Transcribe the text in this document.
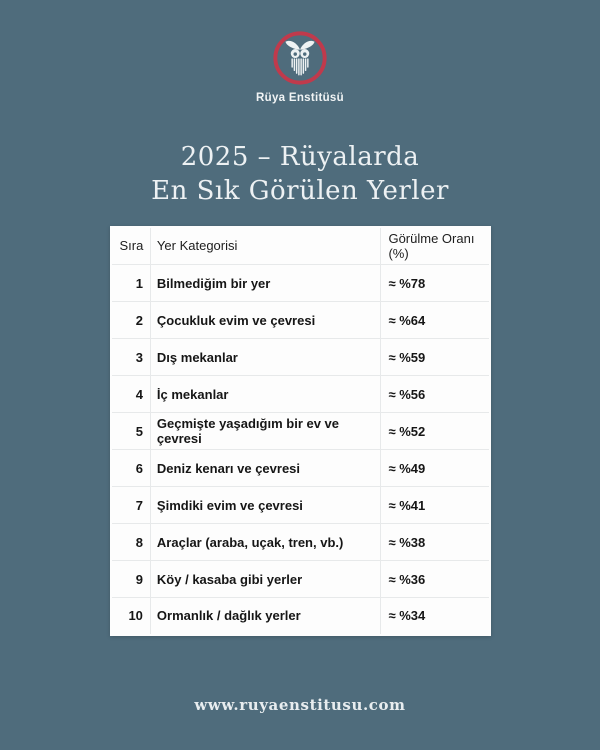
Rüya Enstitüsü
2025 – Rüyalarda
En Sık Görülen Yerler
Sıra	Yer Kategorisi	Görülme Oranı (%)
1	Bilmediğim bir yer	≈ %78
2	Çocukluk evim ve çevresi	≈ %64
3	Dış mekanlar	≈ %59
4	İç mekanlar	≈ %56
5	Geçmişte yaşadığım bir ev ve çevresi	≈ %52
6	Deniz kenarı ve çevresi	≈ %49
7	Şimdiki evim ve çevresi	≈ %41
8	Araçlar (araba, uçak, tren, vb.)	≈ %38
9	Köy / kasaba gibi yerler	≈ %36
10	Ormanlık / dağlık yerler	≈ %34
www.ruyaenstitusu.com
